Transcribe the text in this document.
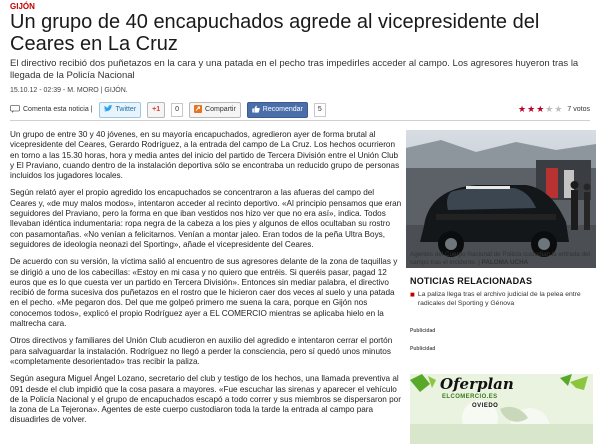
GIJÓN
Un grupo de 40 encapuchados agrede al vicepresidente del Ceares en La Cruz

El directivo recibió dos puñetazos en la cara y una patada en el pecho tras impedirles acceder al campo. Los agresores huyeron tras la llegada de la Policía Nacional

15.10.12 - 02:39 - M. MORO | GIJÓN.
Comenta esta noticia |	Twitter +1	0	Compartir	Recomendar	5	★ ★ ★ ★ ★ 7 votos

Un grupo de entre 30 y 40 jóvenes, en su mayoría encapuchados, agredieron ayer de forma brutal al vicepresidente del Ceares, Gerardo Rodríguez, a la entrada del campo de La Cruz. Los hechos ocurrieron en torno a las 15.30 horas, hora y media antes del inicio del partido de Tercera División entre el Unión Club y El Praviano, cuando dentro de la instalación deportiva sólo se encontraba un reducido grupo de personas incluidos los jugadores locales.

Según relató ayer el propio agredido los encapuchados se concentraron a las afueras del campo del Ceares y, «de muy malos modos», intentaron acceder al recinto deportivo. «Al principio pensamos que eran seguidores del Praviano, pero la forma en que iban vestidos nos hizo ver que no era así», indica. Todos llevaban idéntica indumentaria: ropa negra de la cabeza a los pies y algunos de ellos ocultaban su rostro con pasamontañas. «No venían a felicitarnos. Venían a montar jaleo. Eran todos de la peña Ultra Boys, seguidores de ideología neonazi del Sporting», añade el vicepresidente del Ceares.

De acuerdo con su versión, la víctima salió al encuentro de sus agresores delante de la zona de taquillas y se dirigió a uno de los cabecillas: «Estoy en mi casa y no quiero que entréis. Si queréis pasar, pagad 12 euros que es lo que cuesta ver un partido en Tercera División». Entonces sin mediar palabra, el directivo recibió de forma sucesiva dos puñetazos en el rostro que le hicieron caer dos veces al suelo y una patada en el pecho. «Me pegaron dos. Del que me golpeó primero me suena la cara, porque en Gijón nos conocemos todos», explicó el propio Rodríguez ayer a EL COMERCIO mientras se aplicaba hielo en la maltrecha cara.

Otros directivos y familiares del Unión Club acudieron en auxilio del agredido e intentaron cerrar el portón para salvaguardar la instalación. Rodríguez no llegó a perder la consciencia, pero sí quedó unos minutos «completamente desorientado» tras recibir la paliza.

Según asegura Miguel Ángel Lozano, secretario del club y testigo de los hechos, una llamada preventiva al 091 desde el club impidió que la cosa pasara a mayores. «Fue escuchar las sirenas y aparecer el vehículo de la Policía Nacional y el grupo de encapuchados escapó a todo correr y sus miembros se dispersaron por la zona de La Tejerona». Agentes de este cuerpo custodiaron toda la tarde la entrada al campo para disuadirles de volver.

Agentes del Cuerpo Nacional de Policía custodian la entrada del campo tras el incidente. | PALOMA UCHA
NOTICIAS RELACIONADAS
■ La paliza llega tras el archivo judicial de la pelea entre radicales del Sporting y Génova
Publicidad
Publicidad
Oferplan
ELCOMERCIO.ES
OVIEDO
